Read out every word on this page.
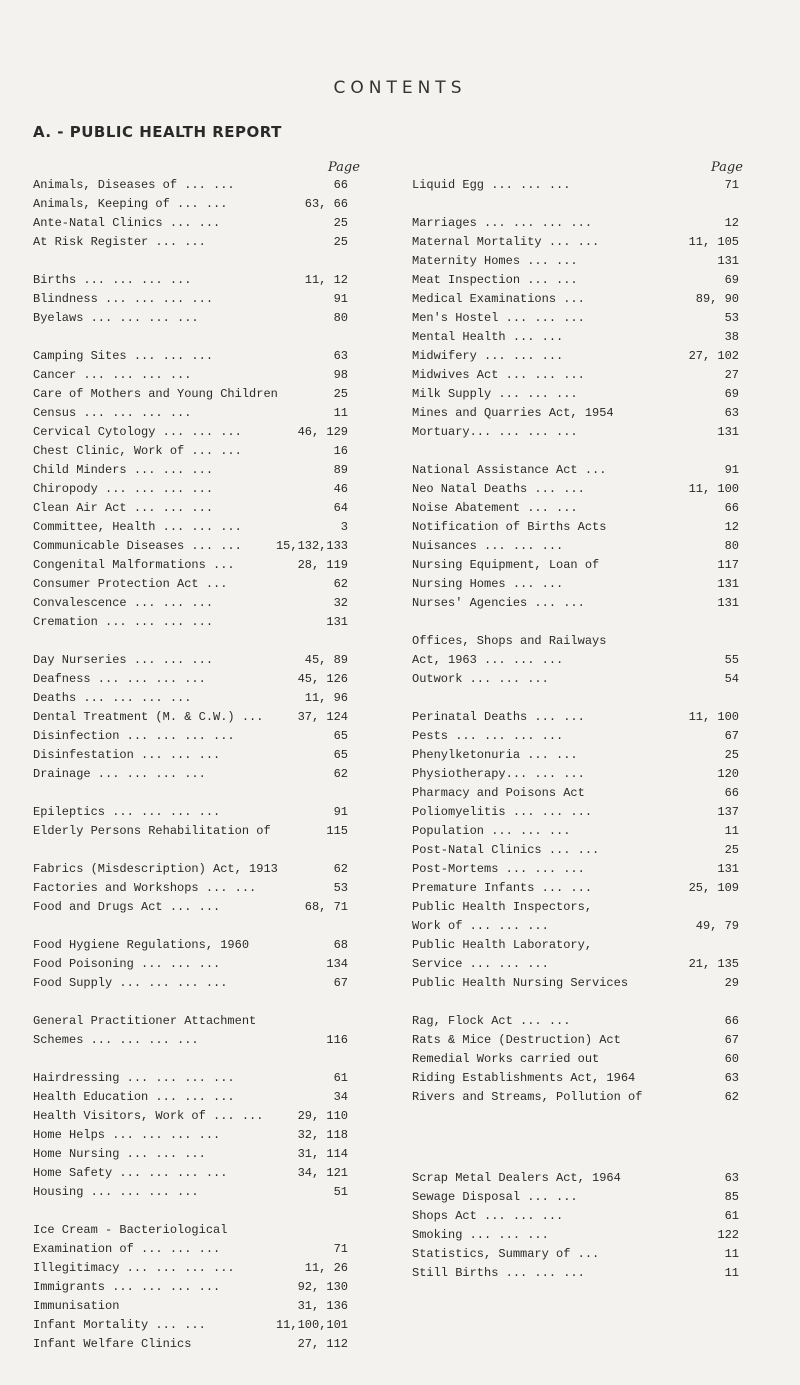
CONTENTS
A. - PUBLIC HEALTH REPORT
Page	Page
Animals, Diseases of ... ...	66
Animals, Keeping of ... ...	63, 66
Ante-Natal Clinics ... ...	25
At Risk Register ... ...	25
Births ... ... ... ...	11, 12
Blindness ... ... ... ...	91
Byelaws ... ... ... ...	80
Camping Sites ... ... ...	63
Cancer ... ... ... ...	98
Care of Mothers and Young Children	25
Census ... ... ... ...	11
Cervical Cytology ... ... ...	46, 129
Chest Clinic, Work of ... ...	16
Child Minders ... ... ...	89
Chiropody ... ... ... ...	46
Clean Air Act ... ... ...	64
Committee, Health ... ... ...	3
Communicable Diseases ... ...	15,132,133
Congenital Malformations ...	28, 119
Consumer Protection Act ...	62
Convalescence ... ... ...	32
Cremation ... ... ... ...	131
Day Nurseries ... ... ...	45, 89
Deafness ... ... ... ...	45, 126
Deaths ... ... ... ...	11, 96
Dental Treatment (M. & C.W.) ...	37, 124
Disinfection ... ... ... ...	65
Disinfestation ... ... ...	65
Drainage ... ... ... ...	62
Epileptics ... ... ... ...	91
Elderly Persons Rehabilitation of	115
Fabrics (Misdescription) Act, 1913	62
Factories and Workshops ... ...	53
Food and Drugs Act ... ...	68, 71
Food Hygiene Regulations, 1960	68
Food Poisoning ... ... ...	134
Food Supply ... ... ... ...	67
General Practitioner Attachment
Schemes ... ... ... ...	116
Hairdressing ... ... ... ...	61
Health Education ... ... ...	34
Health Visitors, Work of ... ...	29, 110
Home Helps ... ... ... ...	32, 118
Home Nursing ... ... ...	31, 114
Home Safety ... ... ... ...	34, 121
Housing ... ... ... ...	51
Ice Cream - Bacteriological
Examination of ... ... ...	71
Illegitimacy ... ... ... ...	11, 26
Immigrants ... ... ... ...	92, 130
Immunisation	31, 136
Infant Mortality ... ...	11,100,101
Infant Welfare Clinics	27, 112
Liquid Egg ... ... ...	71
Marriages ... ... ... ...	12
Maternal Mortality ... ...	11, 105
Maternity Homes ... ...	131
Meat Inspection ... ...	69
Medical Examinations ...	89, 90
Men's Hostel ... ... ...	53
Mental Health ... ...	38
Midwifery ... ... ...	27, 102
Midwives Act ... ... ...	27
Milk Supply ... ... ...	69
Mines and Quarries Act, 1954	63
Mortuary... ... ... ...	131
National Assistance Act ...	91
Neo Natal Deaths ... ...	11, 100
Noise Abatement ... ...	66
Notification of Births Acts	12
Nuisances ... ... ...	80
Nursing Equipment, Loan of	117
Nursing Homes ... ...	131
Nurses' Agencies ... ...	131
Offices, Shops and Railways
Act, 1963 ... ... ...	55
Outwork ... ... ...	54
Perinatal Deaths ... ...	11, 100
Pests ... ... ... ...	67
Phenylketonuria ... ...	25
Physiotherapy... ... ...	120
Pharmacy and Poisons Act	66
Poliomyelitis ... ... ...	137
Population ... ... ...	11
Post-Natal Clinics ... ...	25
Post-Mortems ... ... ...	131
Premature Infants ... ...	25, 109
Public Health Inspectors,
Work of ... ... ...	49, 79
Public Health Laboratory,
Service ... ... ...	21, 135
Public Health Nursing Services	29
Rag, Flock Act ... ...	66
Rats & Mice (Destruction) Act	67
Remedial Works carried out	60
Riding Establishments Act, 1964	63
Rivers and Streams, Pollution of	62
Scrap Metal Dealers Act, 1964	63
Sewage Disposal ... ...	85
Shops Act ... ... ...	61
Smoking ... ... ...	122
Statistics, Summary of ...	11
Still Births ... ... ...	11
